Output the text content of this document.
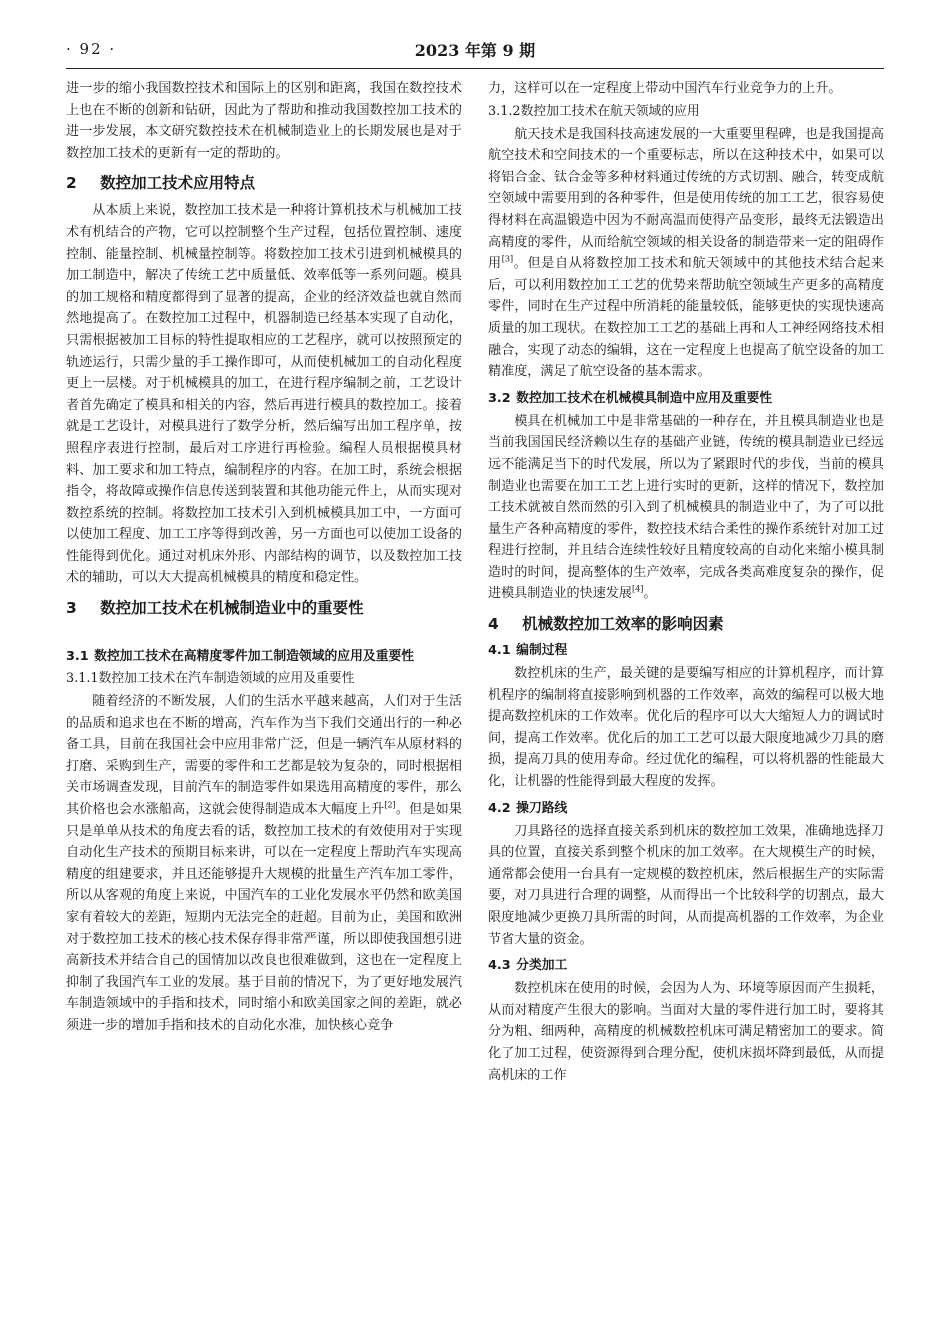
· 92 ·	2023 年第 9 期

进一步的缩小我国数控技术和国际上的区别和距离，我国在数控技术上也在不断的创新和钻研，因此为了帮助和推动我国数控加工技术的进一步发展，本文研究数控技术在机械制造业上的长期发展也是对于数控加工技术的更新有一定的帮助的。

2 数控加工技术应用特点

从本质上来说，数控加工技术是一种将计算机技术与机械加工技术有机结合的产物，它可以控制整个生产过程，包括位置控制、速度控制、能量控制、机械量控制等。将数控加工技术引进到机械模具的加工制造中，解决了传统工艺中质量低、效率低等一系列问题。模具的加工规格和精度都得到了显著的提高，企业的经济效益也就自然而然地提高了。在数控加工过程中，机器制造已经基本实现了自动化，只需根据被加工目标的特性提取相应的工艺程序，就可以按照预定的轨迹运行，只需少量的手工操作即可，从而使机械加工的自动化程度更上一层楼。对于机械模具的加工，在进行程序编制之前，工艺设计者首先确定了模具和相关的内容，然后再进行模具的数控加工。接着就是工艺设计，对模具进行了数学分析，然后编写出加工程序单，按照程序表进行控制，最后对工序进行再检验。编程人员根据模具材料、加工要求和加工特点，编制程序的内容。在加工时，系统会根据指令，将故障或操作信息传送到装置和其他功能元件上，从而实现对数控系统的控制。将数控加工技术引入到机械模具加工中，一方面可以使加工程度、加工工序等得到改善，另一方面也可以使加工设备的性能得到优化。通过对机床外形、内部结构的调节，以及数控加工技术的辅助，可以大大提高机械模具的精度和稳定性。

3 数控加工技术在机械制造业中的重要性
3.1 数控加工技术在高精度零件加工制造领域的应用及重要性
3.1.1数控加工技术在汽车制造领域的应用及重要性

随着经济的不断发展，人们的生活水平越来越高，人们对于生活的品质和追求也在不断的增高，汽车作为当下我们交通出行的一种必备工具，目前在我国社会中应用非常广泛，但是一辆汽车从原材料的打磨、采购到生产，需要的零件和工艺都是较为复杂的，同时根据相关市场调查发现，目前汽车的制造零件如果选用高精度的零件，那么其价格也会水涨船高，这就会使得制造成本大幅度上升[2]。但是如果只是单单从技术的角度去看的话，数控加工技术的有效使用对于实现自动化生产技术的预期目标来讲，可以在一定程度上帮助汽车实现高精度的组建要求，并且还能够提升大规模的批量生产汽车加工零件，所以从客观的角度上来说，中国汽车的工业化发展水平仍然和欧美国家有着较大的差距，短期内无法完全的赶超。目前为止，美国和欧洲对于数控加工技术的核心技术保存得非常严谨，所以即使我国想引进高新技术并结合自己的国情加以改良也很难做到，这也在一定程度上抑制了我国汽车工业的发展。基于目前的情况下，为了更好地发展汽车制造领域中的手指和技术，同时缩小和欧美国家之间的差距，就必须进一步的增加手指和技术的自动化水准，加快核心竞争

力，这样可以在一定程度上带动中国汽车行业竞争力的上升。

3.1.2数控加工技术在航天领域的应用

航天技术是我国科技高速发展的一大重要里程碑，也是我国提高航空技术和空间技术的一个重要标志，所以在这种技术中，如果可以将铝合金、钛合金等多种材料通过传统的方式切割、融合，转变成航空领域中需要用到的各种零件，但是使用传统的加工工艺，很容易使得材料在高温锻造中因为不耐高温而使得产品变形，最终无法锻造出高精度的零件，从而给航空领域的相关设备的制造带来一定的阻碍作用[3]。但是自从将数控加工技术和航天领域中的其他技术结合起来后，可以利用数控加工工艺的优势来帮助航空领域生产更多的高精度零件，同时在生产过程中所消耗的能量较低，能够更快的实现快速高质量的加工现状。在数控加工工艺的基础上再和人工神经网络技术相融合，实现了动态的编辑，这在一定程度上也提高了航空设备的加工精准度，满足了航空设备的基本需求。

3.2 数控加工技术在机械模具制造中应用及重要性

模具在机械加工中是非常基础的一种存在，并且模具制造业也是当前我国国民经济赖以生存的基础产业链，传统的模具制造业已经远远不能满足当下的时代发展，所以为了紧跟时代的步伐，当前的模具制造业也需要在加工工艺上进行实时的更新，这样的情况下，数控加工技术就被自然而然的引入到了机械模具的制造业中了，为了可以批量生产各种高精度的零件，数控技术结合柔性的操作系统针对加工过程进行控制，并且结合连续性较好且精度较高的自动化来缩小模具制造时的时间，提高整体的生产效率，完成各类高难度复杂的操作，促进模具制造业的快速发展[4]。

4 机械数控加工效率的影响因素
4.1 编制过程

数控机床的生产，最关键的是要编写相应的计算机程序，而计算机程序的编制将直接影响到机器的工作效率，高效的编程可以极大地提高数控机床的工作效率。优化后的程序可以大大缩短人力的调试时间，提高工作效率。优化后的加工工艺可以最大限度地减少刀具的磨损，提高刀具的使用寿命。经过优化的编程，可以将机器的性能最大化，让机器的性能得到最大程度的发挥。

4.2 操刀路线

刀具路径的选择直接关系到机床的数控加工效果，准确地选择刀具的位置，直接关系到整个机床的加工效率。在大规模生产的时候，通常都会使用一台具有一定规模的数控机床，然后根据生产的实际需要，对刀具进行合理的调整，从而得出一个比较科学的切割点，最大限度地减少更换刀具所需的时间，从而提高机器的工作效率，为企业节省大量的资金。

4.3 分类加工

数控机床在使用的时候，会因为人为、环境等原因而产生损耗，从而对精度产生很大的影响。当面对大量的零件进行加工时，要将其分为粗、细两种，高精度的机械数控机床可满足精密加工的要求。简化了加工过程，使资源得到合理分配，使机床损坏降到最低，从而提高机床的工作
